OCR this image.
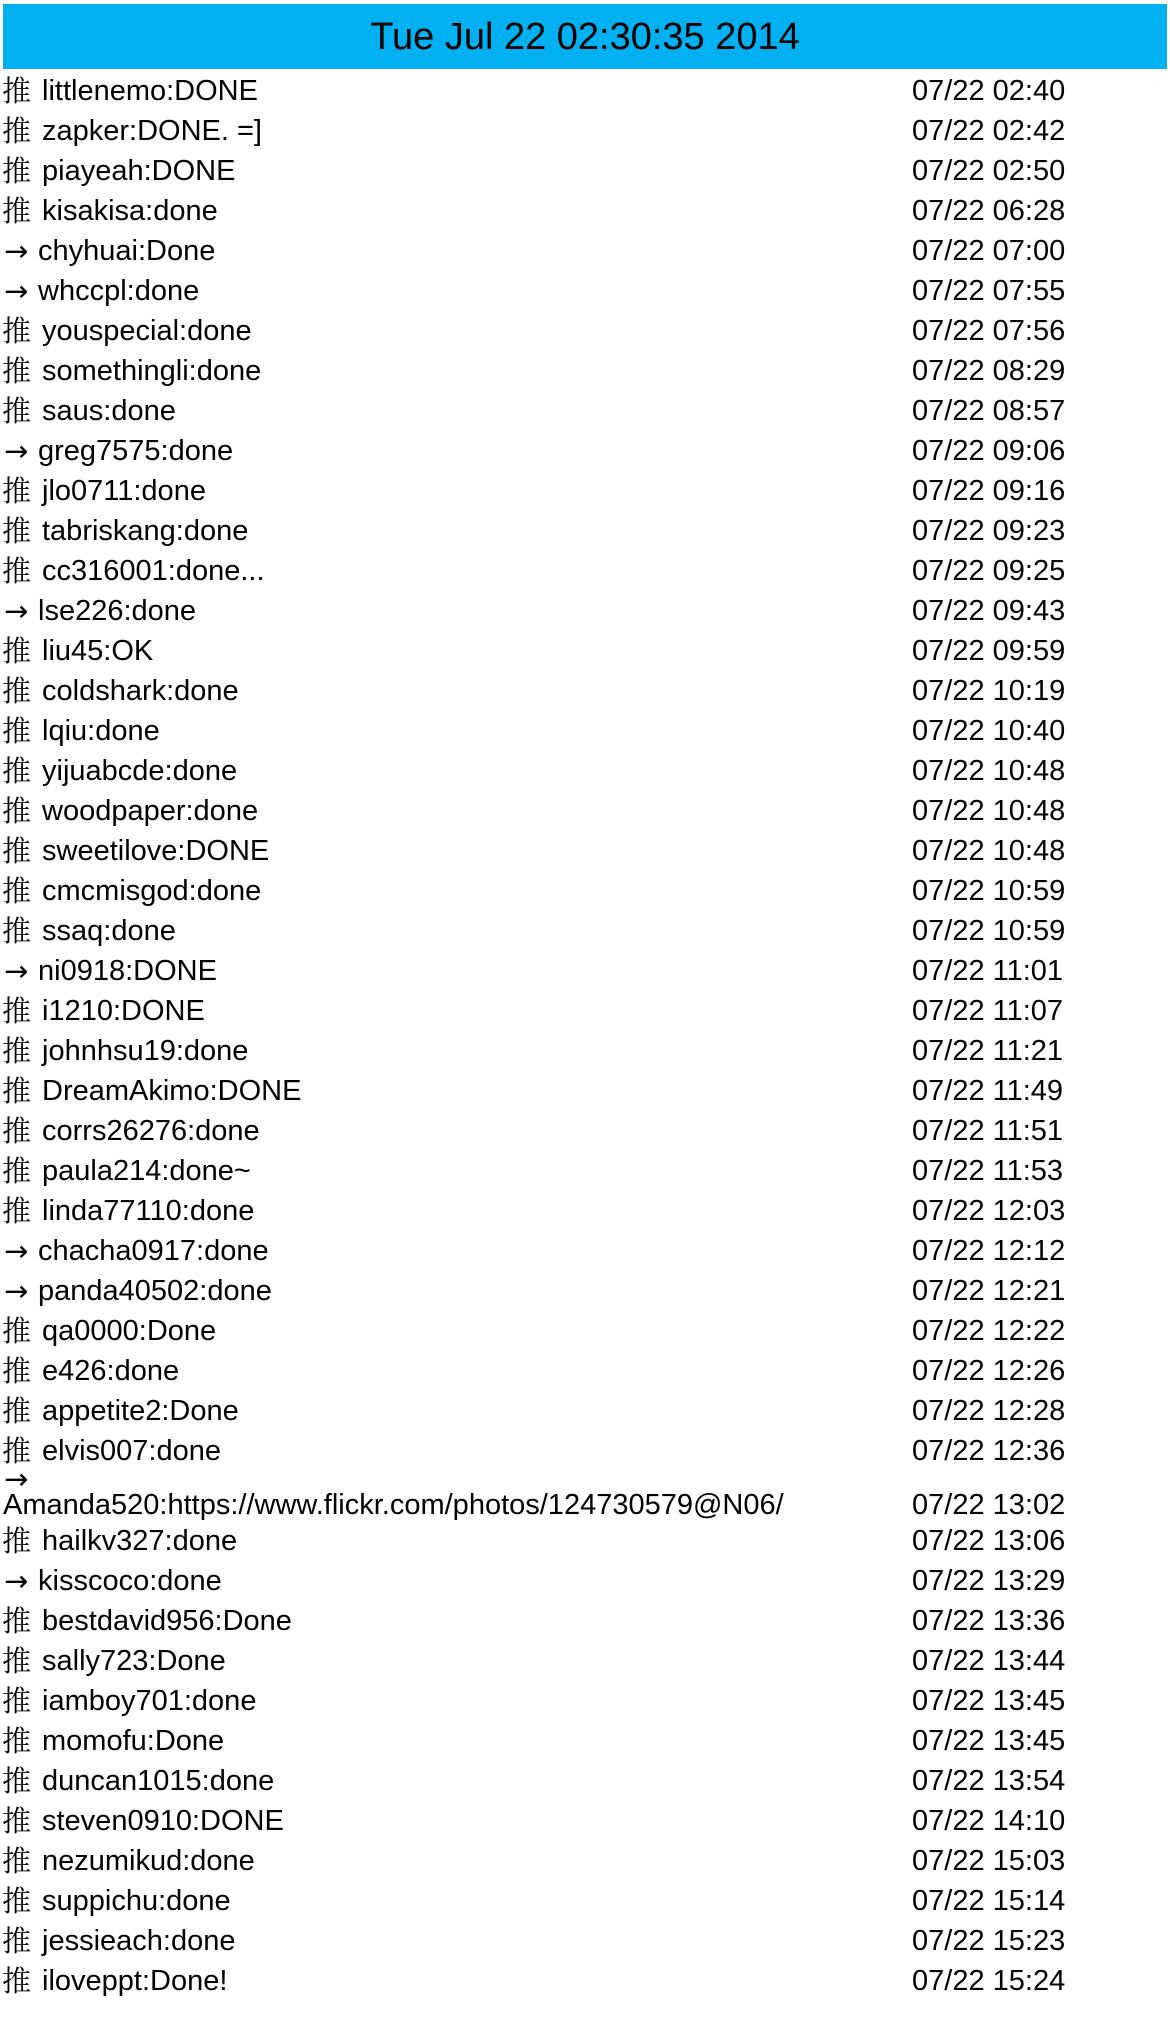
Tue Jul 22 02:30:35 2014
推 littlenemo:DONE	07/22 02:40
推 zapker:DONE. =]	07/22 02:42
推 piayeah:DONE	07/22 02:50
推 kisakisa:done	07/22 06:28
→ chyhuai:Done	07/22 07:00
→ whccpl:done	07/22 07:55
推 youspecial:done	07/22 07:56
推 somethingli:done	07/22 08:29
推 saus:done	07/22 08:57
→ greg7575:done	07/22 09:06
推 jlo0711:done	07/22 09:16
推 tabriskang:done	07/22 09:23
推 cc316001:done...	07/22 09:25
→ lse226:done	07/22 09:43
推 liu45:OK	07/22 09:59
推 coldshark:done	07/22 10:19
推 lqiu:done	07/22 10:40
推 yijuabcde:done	07/22 10:48
推 woodpaper:done	07/22 10:48
推 sweetilove:DONE	07/22 10:48
推 cmcmisgod:done	07/22 10:59
推 ssaq:done	07/22 10:59
→ ni0918:DONE	07/22 11:01
推 i1210:DONE	07/22 11:07
推 johnhsu19:done	07/22 11:21
推 DreamAkimo:DONE	07/22 11:49
推 corrs26276:done	07/22 11:51
推 paula214:done~	07/22 11:53
推 linda77110:done	07/22 12:03
→ chacha0917:done	07/22 12:12
→ panda40502:done	07/22 12:21
推 qa0000:Done	07/22 12:22
推 e426:done	07/22 12:26
推 appetite2:Done	07/22 12:28
推 elvis007:done	07/22 12:36
→
Amanda520:https://www.flickr.com/photos/124730579@N06/	07/22 13:02
推 hailkv327:done	07/22 13:06
→ kisscoco:done	07/22 13:29
推 bestdavid956:Done	07/22 13:36
推 sally723:Done	07/22 13:44
推 iamboy701:done	07/22 13:45
推 momofu:Done	07/22 13:45
推 duncan1015:done	07/22 13:54
推 steven0910:DONE	07/22 14:10
推 nezumikud:done	07/22 15:03
推 suppichu:done	07/22 15:14
推 jessieach:done	07/22 15:23
推 iloveppt:Done!	07/22 15:24
